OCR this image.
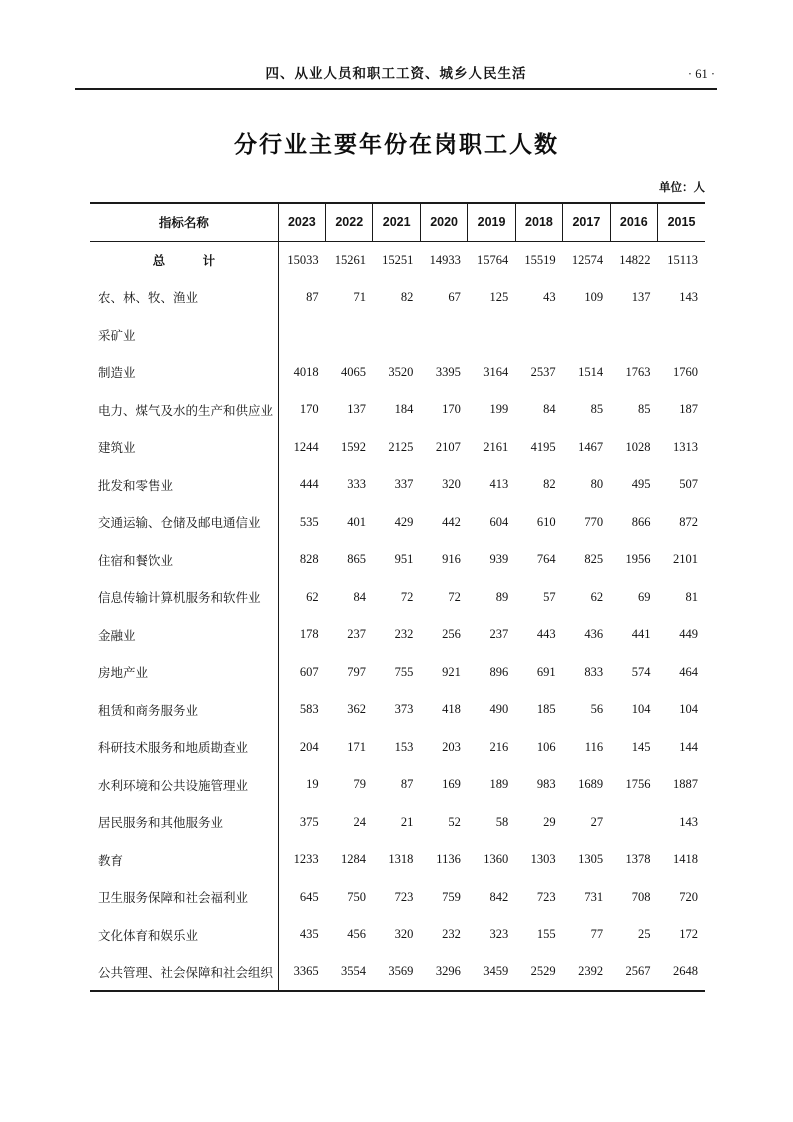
四、从业人员和职工工资、城乡人民生活	· 61 ·
分行业主要年份在岗职工人数
单位：人
指标名称	2023	2022	2021	2020	2019	2018	2017	2016	2015
总　　　计	15033	15261	15251	14933	15764	15519	12574	14822	15113
农、林、牧、渔业	87	71	82	67	125	43	109	137	143
采矿业									
制造业	4018	4065	3520	3395	3164	2537	1514	1763	1760
电力、煤气及水的生产和供应业	170	137	184	170	199	84	85	85	187
建筑业	1244	1592	2125	2107	2161	4195	1467	1028	1313
批发和零售业	444	333	337	320	413	82	80	495	507
交通运输、仓储及邮电通信业	535	401	429	442	604	610	770	866	872
住宿和餐饮业	828	865	951	916	939	764	825	1956	2101
信息传输计算机服务和软件业	62	84	72	72	89	57	62	69	81
金融业	178	237	232	256	237	443	436	441	449
房地产业	607	797	755	921	896	691	833	574	464
租赁和商务服务业	583	362	373	418	490	185	56	104	104
科研技术服务和地质勘查业	204	171	153	203	216	106	116	145	144
水利环境和公共设施管理业	19	79	87	169	189	983	1689	1756	1887
居民服务和其他服务业	375	24	21	52	58	29	27		143
教育	1233	1284	1318	1136	1360	1303	1305	1378	1418
卫生服务保障和社会福利业	645	750	723	759	842	723	731	708	720
文化体育和娱乐业	435	456	320	232	323	155	77	25	172
公共管理、社会保障和社会组织	3365	3554	3569	3296	3459	2529	2392	2567	2648
